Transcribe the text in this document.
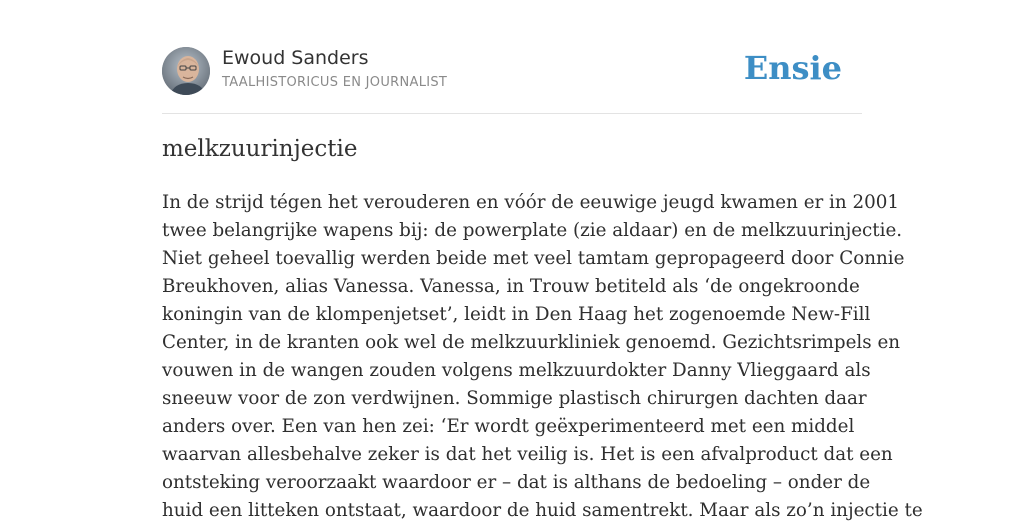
Ewoud Sanders
TAALHISTORICUS EN JOURNALIST	Ensie
melkzuurinjectie
In de strijd tégen het verouderen en vóór de eeuwige jeugd kwamen er in 2001
twee belangrijke wapens bij: de powerplate (zie aldaar) en de melkzuurinjectie.
Niet geheel toevallig werden beide met veel tamtam gepropageerd door Connie
Breukhoven, alias Vanessa. Vanessa, in Trouw betiteld als ‘de ongekroonde
koningin van de klompenjetset’, leidt in Den Haag het zogenoemde New-Fill
Center, in de kranten ook wel de melkzuurkliniek genoemd. Gezichtsrimpels en
vouwen in de wangen zouden volgens melkzuurdokter Danny Vlieggaard als
sneeuw voor de zon verdwijnen. Sommige plastisch chirurgen dachten daar
anders over. Een van hen zei: ‘Er wordt geëxperimenteerd met een middel
waarvan allesbehalve zeker is dat het veilig is. Het is een afvalproduct dat een
ontsteking veroorzaakt waardoor er – dat is althans de bedoeling – onder de
huid een litteken ontstaat, waardoor de huid samentrekt. Maar als zo’n injectie te
